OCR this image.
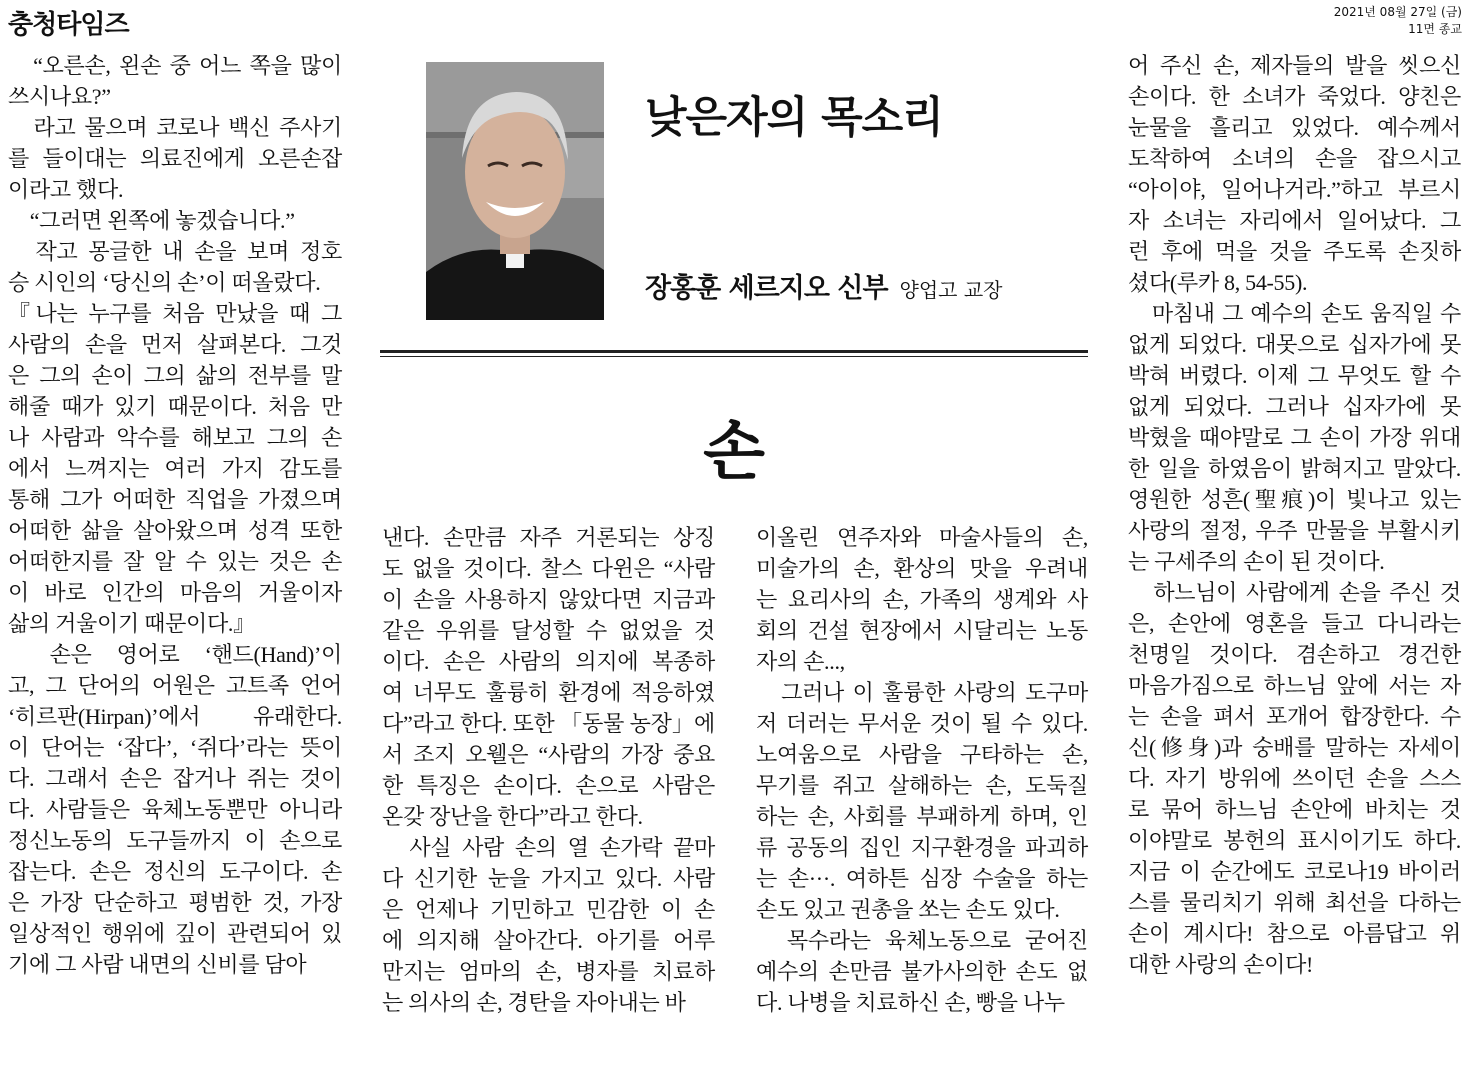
충청타임즈	2021년 08월 27일 (금)
11면 종교

　“오른손, 왼손 중 어느 쪽을 많이

쓰시나요?”

　라고 물으며 코로나 백신 주사기

를 들이대는 의료진에게 오른손잡

이라고 했다.

　“그러면 왼쪽에 놓겠습니다.”

　작고 몽글한 내 손을 보며 정호

승 시인의 ‘당신의 손’이 떠올랐다.

『나는 누구를 처음 만났을 때 그

사람의 손을 먼저 살펴본다. 그것

은 그의 손이 그의 삶의 전부를 말

해줄 때가 있기 때문이다. 처음 만

나 사람과 악수를 해보고 그의 손

에서 느껴지는 여러 가지 감도를

통해 그가 어떠한 직업을 가졌으며

어떠한 삶을 살아왔으며 성격 또한

어떠한지를 잘 알 수 있는 것은 손

이 바로 인간의 마음의 거울이자

삶의 거울이기 때문이다.』

　손은 영어로 ‘핸드(Hand)’이

고, 그 단어의 어원은 고트족 언어

‘히르판(Hirpan)’에서 유래한다.

이 단어는 ‘잡다’, ‘쥐다’라는 뜻이

다. 그래서 손은 잡거나 쥐는 것이

다. 사람들은 육체노동뿐만 아니라

정신노동의 도구들까지 이 손으로

잡는다. 손은 정신의 도구이다. 손

은 가장 단순하고 평범한 것, 가장

일상적인 행위에 깊이 관련되어 있

기에 그 사람 내면의 신비를 담아

낮은자의 목소리
장홍훈 세르지오 신부 양업고 교장
손

낸다. 손만큼 자주 거론되는 상징

도 없을 것이다. 찰스 다윈은 “사람

이 손을 사용하지 않았다면 지금과

같은 우위를 달성할 수 없었을 것

이다. 손은 사람의 의지에 복종하

여 너무도 훌륭히 환경에 적응하였

다”라고 한다. 또한 「동물 농장」에

서 조지 오웰은 “사람의 가장 중요

한 특징은 손이다. 손으로 사람은

온갖 장난을 한다”라고 한다.

　사실 사람 손의 열 손가락 끝마

다 신기한 눈을 가지고 있다. 사람

은 언제나 기민하고 민감한 이 손

에 의지해 살아간다. 아기를 어루

만지는 엄마의 손, 병자를 치료하

는 의사의 손, 경탄을 자아내는 바

이올린 연주자와 마술사들의 손,

미술가의 손, 환상의 맛을 우려내

는 요리사의 손, 가족의 생계와 사

회의 건설 현장에서 시달리는 노동

자의 손...,

　그러나 이 훌륭한 사랑의 도구마

저 더러는 무서운 것이 될 수 있다.

노여움으로 사람을 구타하는 손,

무기를 쥐고 살해하는 손, 도둑질

하는 손, 사회를 부패하게 하며, 인

류 공동의 집인 지구환경을 파괴하

는 손···. 여하튼 심장 수술을 하는

손도 있고 권총을 쏘는 손도 있다.

　목수라는 육체노동으로 굳어진

예수의 손만큼 불가사의한 손도 없

다. 나병을 치료하신 손, 빵을 나누

어 주신 손, 제자들의 발을 씻으신

손이다. 한 소녀가 죽었다. 양친은

눈물을 흘리고 있었다. 예수께서

도착하여 소녀의 손을 잡으시고

“아이야, 일어나거라.”하고 부르시

자 소녀는 자리에서 일어났다. 그

런 후에 먹을 것을 주도록 손짓하

셨다(루카 8, 54-55).

　마침내 그 예수의 손도 움직일 수

없게 되었다. 대못으로 십자가에 못

박혀 버렸다. 이제 그 무엇도 할 수

없게 되었다. 그러나 십자가에 못

박혔을 때야말로 그 손이 가장 위대

한 일을 하였음이 밝혀지고 말았다.

영원한 성흔(聖痕)이 빛나고 있는

사랑의 절정, 우주 만물을 부활시키

는 구세주의 손이 된 것이다.

　하느님이 사람에게 손을 주신 것

은, 손안에 영혼을 들고 다니라는

천명일 것이다. 겸손하고 경건한

마음가짐으로 하느님 앞에 서는 자

는 손을 펴서 포개어 합장한다. 수

신(修身)과 숭배를 말하는 자세이

다. 자기 방위에 쓰이던 손을 스스

로 묶어 하느님 손안에 바치는 것

이야말로 봉헌의 표시이기도 하다.

지금 이 순간에도 코로나19 바이러

스를 물리치기 위해 최선을 다하는

손이 계시다! 참으로 아름답고 위

대한 사랑의 손이다!
